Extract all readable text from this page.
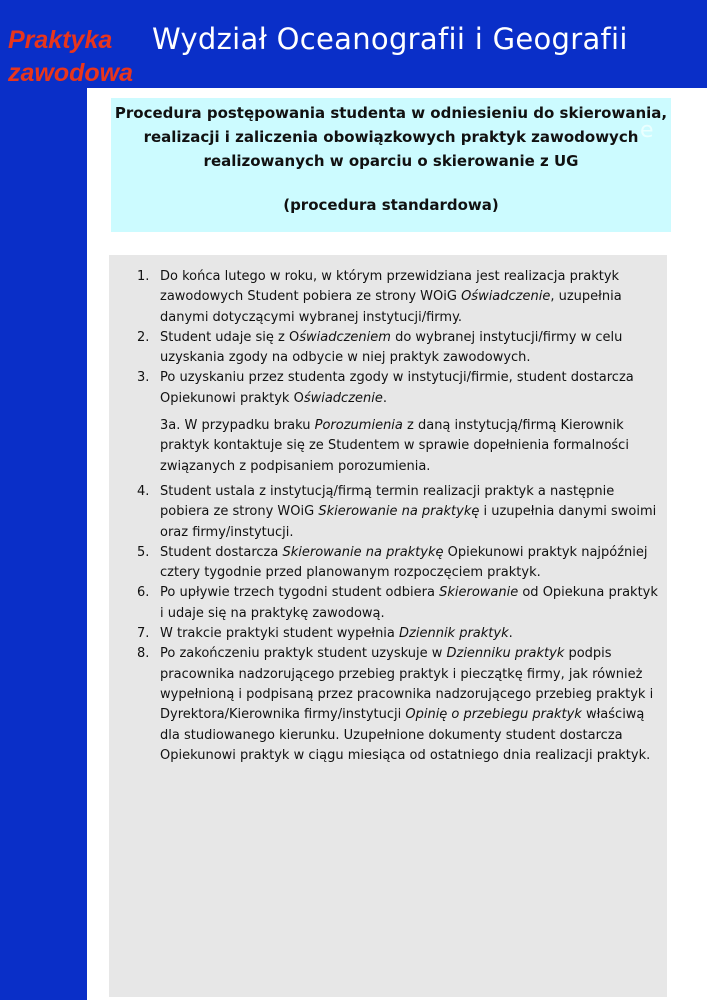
Praktyka
zawodowa
Wydział Oceanografii i Geografii
.
Procedura postępowania studenta w odniesieniu do skierowania,
realizacji i zaliczenia obowiązkowych praktyk zawodowych
realizowanych w oparciu o skierowanie z UG
(procedura standardowa)
e
1. Do końca lutego w roku, w którym przewidziana jest realizacja praktyk zawodowych Student pobiera ze strony WOiG Oświadczenie, uzupełnia danymi dotyczącymi wybranej instytucji/firmy.
2. Student udaje się z Oświadczeniem do wybranej instytucji/firmy w celu uzyskania zgody na odbycie w niej praktyk zawodowych.
3. Po uzyskaniu przez studenta zgody w instytucji/firmie, student dostarcza Opiekunowi praktyk Oświadczenie.
3a. W przypadku braku Porozumienia z daną instytucją/firmą Kierownik praktyk kontaktuje się ze Studentem w sprawie dopełnienia formalności związanych z podpisaniem porozumienia.
4. Student ustala z instytucją/firmą termin realizacji praktyk a następnie pobiera ze strony WOiG Skierowanie na praktykę i uzupełnia danymi swoimi oraz firmy/instytucji.
5. Student dostarcza Skierowanie na praktykę Opiekunowi praktyk najpóźniej cztery tygodnie przed planowanym rozpoczęciem praktyk.
6. Po upływie trzech tygodni student odbiera Skierowanie od Opiekuna praktyk i udaje się na praktykę zawodową.
7. W trakcie praktyki student wypełnia Dziennik praktyk.
8. Po zakończeniu praktyk student uzyskuje w Dzienniku praktyk podpis pracownika nadzorującego przebieg praktyk i pieczątkę firmy, jak również wypełnioną i podpisaną przez pracownika nadzorującego przebieg praktyk i Dyrektora/Kierownika firmy/instytucji Opinię o przebiegu praktyk właściwą dla studiowanego kierunku. Uzupełnione dokumenty student dostarcza Opiekunowi praktyk w ciągu miesiąca od ostatniego dnia realizacji praktyk.
